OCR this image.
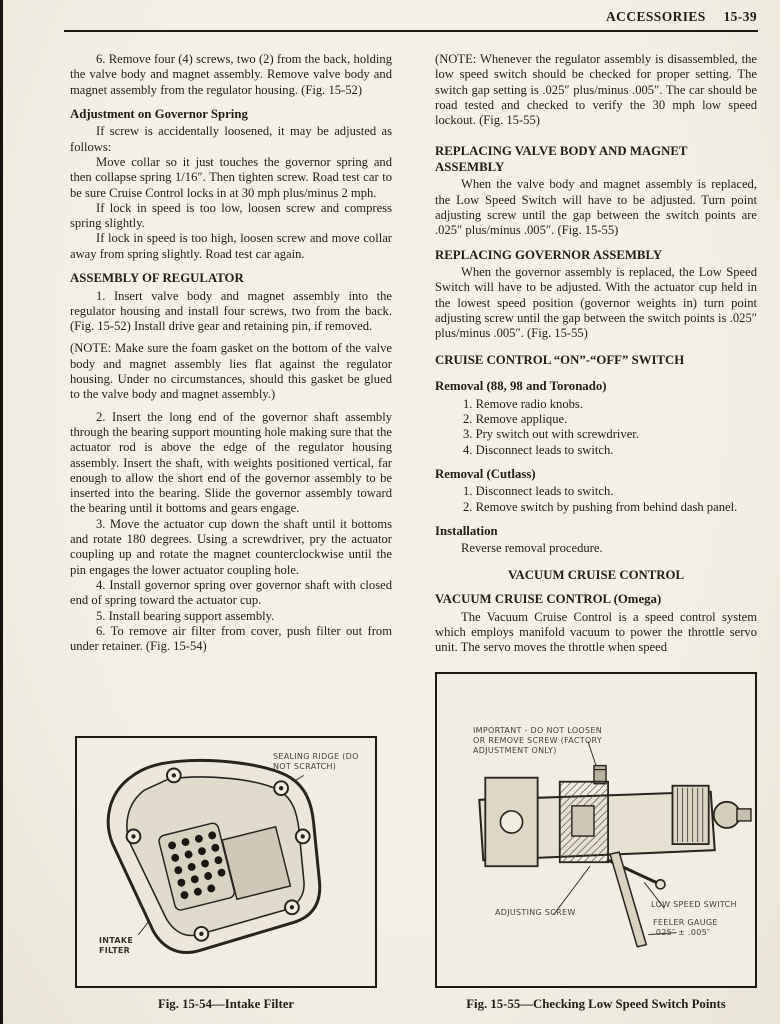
ACCESSORIES 15-39

6. Remove four (4) screws, two (2) from the back, holding the valve body and magnet assembly. Remove valve body and magnet assembly from the regulator housing. (Fig. 15-52)

Adjustment on Governor Spring

If screw is accidentally loosened, it may be adjusted as follows:

Move collar so it just touches the governor spring and then collapse spring 1/16″. Then tighten screw. Road test car to be sure Cruise Control locks in at 30 mph plus/minus 2 mph.

If lock in speed is too low, loosen screw and compress spring slightly.

If lock in speed is too high, loosen screw and move collar away from spring slightly. Road test car again.

ASSEMBLY OF REGULATOR

1. Insert valve body and magnet assembly into the regulator housing and install four screws, two from the back. (Fig. 15-52) Install drive gear and retaining pin, if removed.

(NOTE: Make sure the foam gasket on the bottom of the valve body and magnet assembly lies flat against the regulator housing. Under no circumstances, should this gasket be glued to the valve body and magnet assembly.)

2. Insert the long end of the governor shaft assembly through the bearing support mounting hole making sure that the actuator rod is above the edge of the regulator housing assembly. Insert the shaft, with weights positioned vertical, far enough to allow the short end of the governor assembly to be inserted into the bearing. Slide the governor assembly toward the bearing until it bottoms and gears engage.

3. Move the actuator cup down the shaft until it bottoms and rotate 180 degrees. Using a screwdriver, pry the actuator coupling up and rotate the magnet counterclockwise until the pin engages the lower actuator coupling hole.

4. Install governor spring over governor shaft with closed end of spring toward the actuator cup.

5. Install bearing support assembly.

6. To remove air filter from cover, push filter out from under retainer. (Fig. 15-54)

SEALING RIDGE (DO NOT SCRATCH)
INTAKE FILTER
Fig. 15-54—Intake Filter

(NOTE: Whenever the regulator assembly is disassembled, the low speed switch should be checked for proper setting. The switch gap setting is .025″ plus/minus .005″. The car should be road tested and checked to verify the 30 mph low speed lockout. (Fig. 15-55)

REPLACING VALVE BODY AND MAGNET ASSEMBLY

When the valve body and magnet assembly is replaced, the Low Speed Switch will have to be adjusted. Turn point adjusting screw until the gap between the switch points are .025″ plus/minus .005″. (Fig. 15-55)

REPLACING GOVERNOR ASSEMBLY

When the governor assembly is replaced, the Low Speed Switch will have to be adjusted. With the actuator cup held in the lowest speed position (governor weights in) turn point adjusting screw until the gap between the switch points is .025″ plus/minus .005″. (Fig. 15-55)

CRUISE CONTROL “ON”-“OFF” SWITCH
Removal (88, 98 and Toronado)
1. Remove radio knobs.
2. Remove applique.
3. Pry switch out with screwdriver.
4. Disconnect leads to switch.
Removal (Cutlass)
1. Disconnect leads to switch.
2. Remove switch by pushing from behind dash panel.
Installation

Reverse removal procedure.

VACUUM CRUISE CONTROL
VACUUM CRUISE CONTROL (Omega)

The Vacuum Cruise Control is a speed control system which employs manifold vacuum to power the throttle servo unit. The servo moves the throttle when speed

IMPORTANT - DO NOT LOOSEN OR REMOVE SCREW (FACTORY ADJUSTMENT ONLY)
ADJUSTING SCREW
LOW SPEED SWITCH
FEELER GAUGE
.025″ ± .005″
Fig. 15-55—Checking Low Speed Switch Points
